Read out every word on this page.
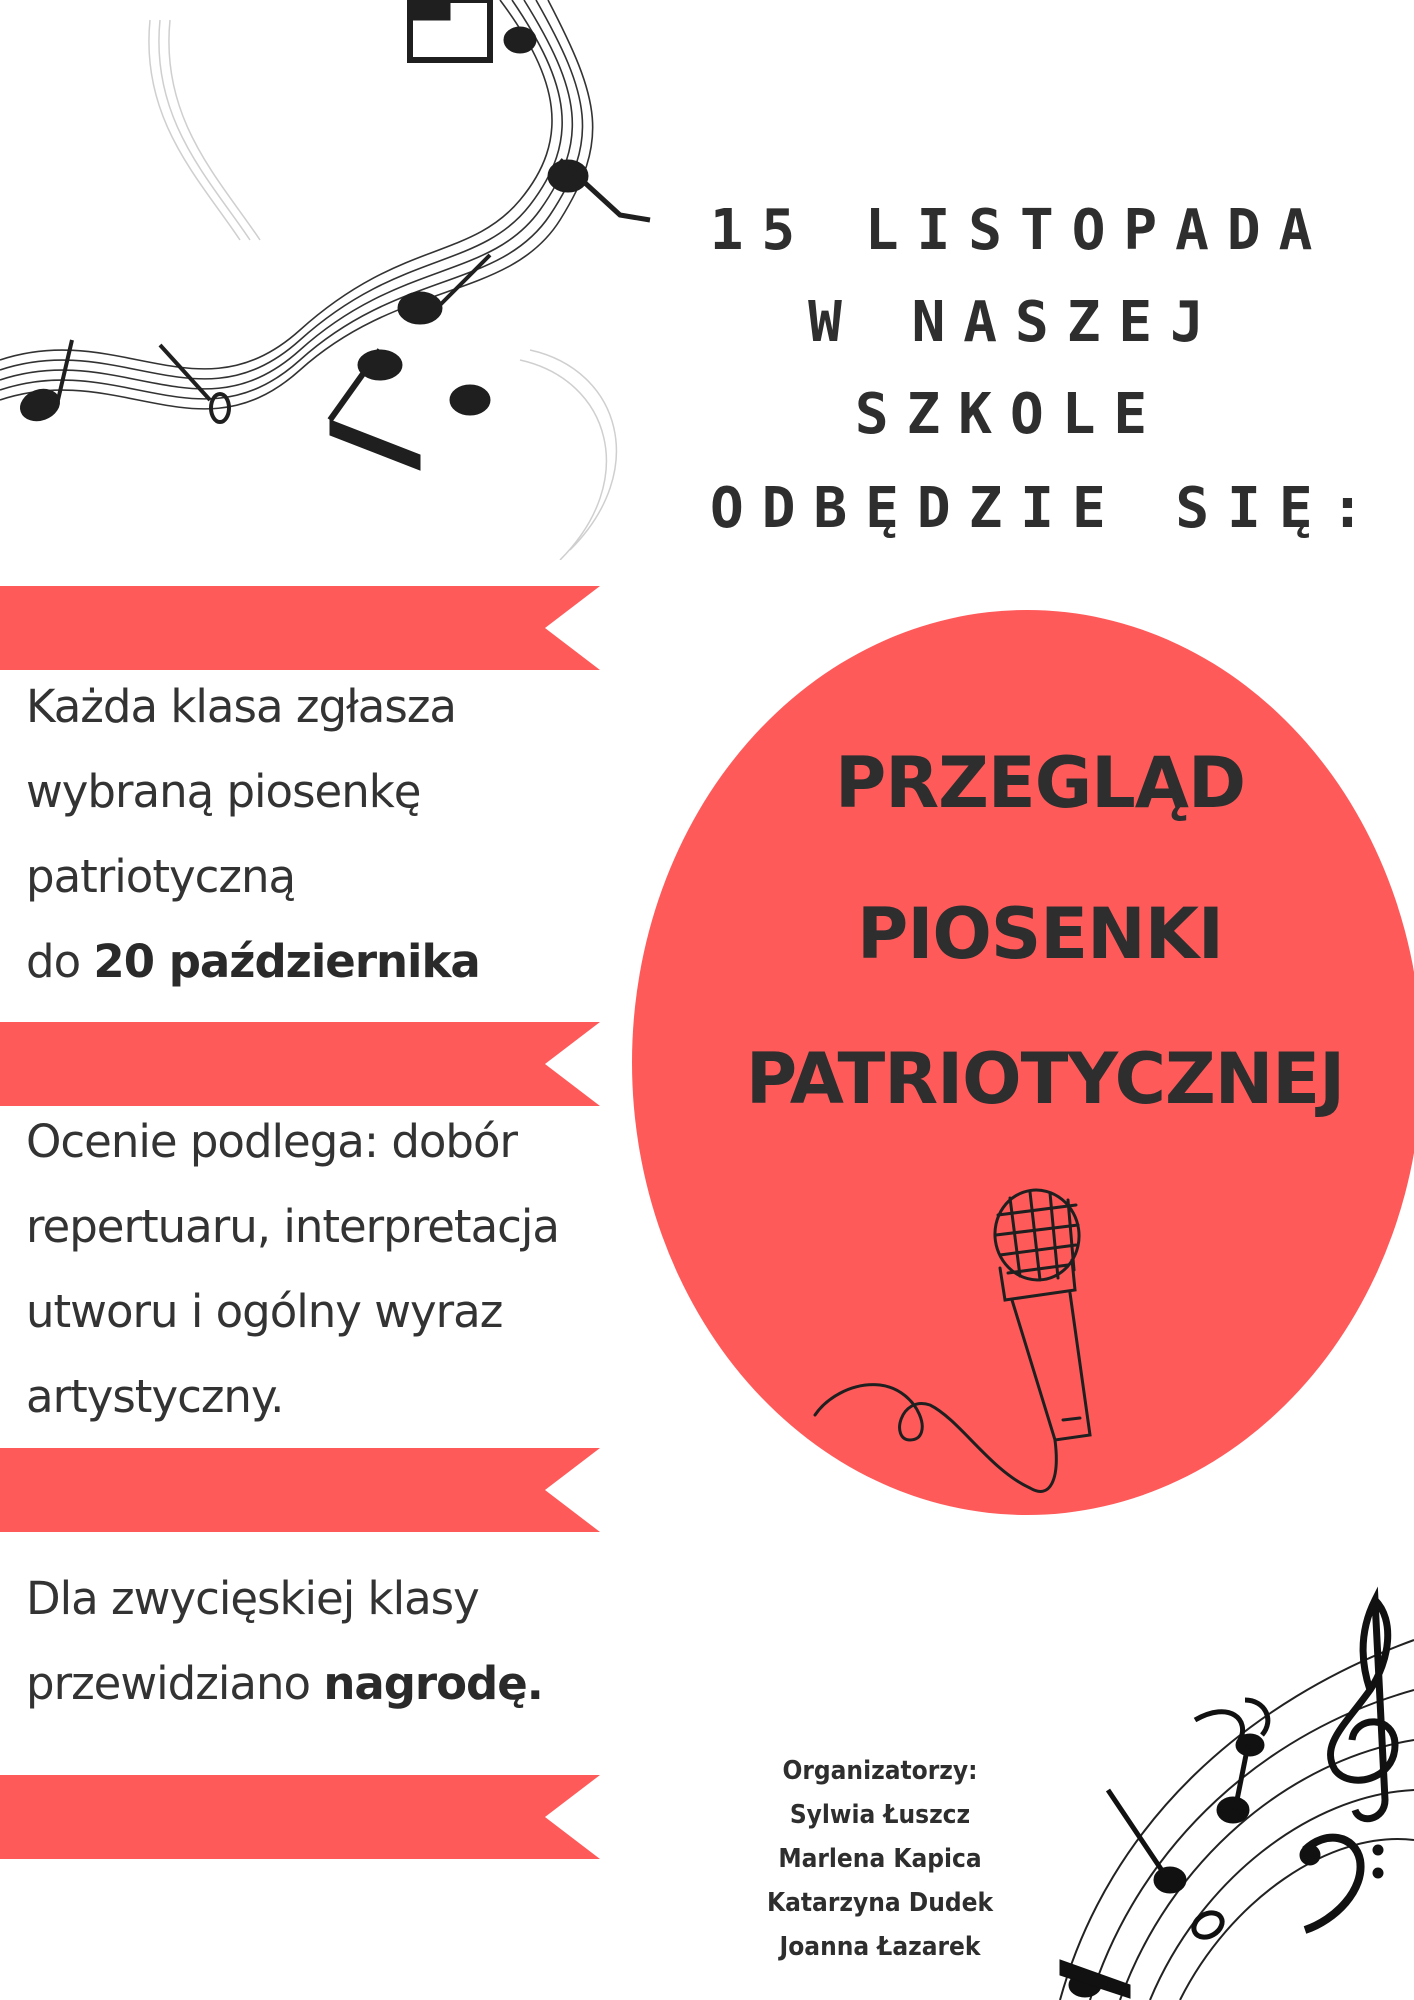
15 LISTOPADA
W NASZEJ
SZKOLE
ODBĘDZIE SIĘ:
PRZEGLĄD
PIOSENKI
PATRIOTYCZNEJ
Każda klasa zgłasza
wybraną piosenkę
patriotyczną
do 20 października
Ocenie podlega: dobór
repertuaru, interpretacja
utworu i ogólny wyraz
artystyczny.
Dla zwycięskiej klasy
przewidziano nagrodę.
Organizatorzy:
Sylwia Łuszcz
Marlena Kapica
Katarzyna Dudek
Joanna Łazarek
